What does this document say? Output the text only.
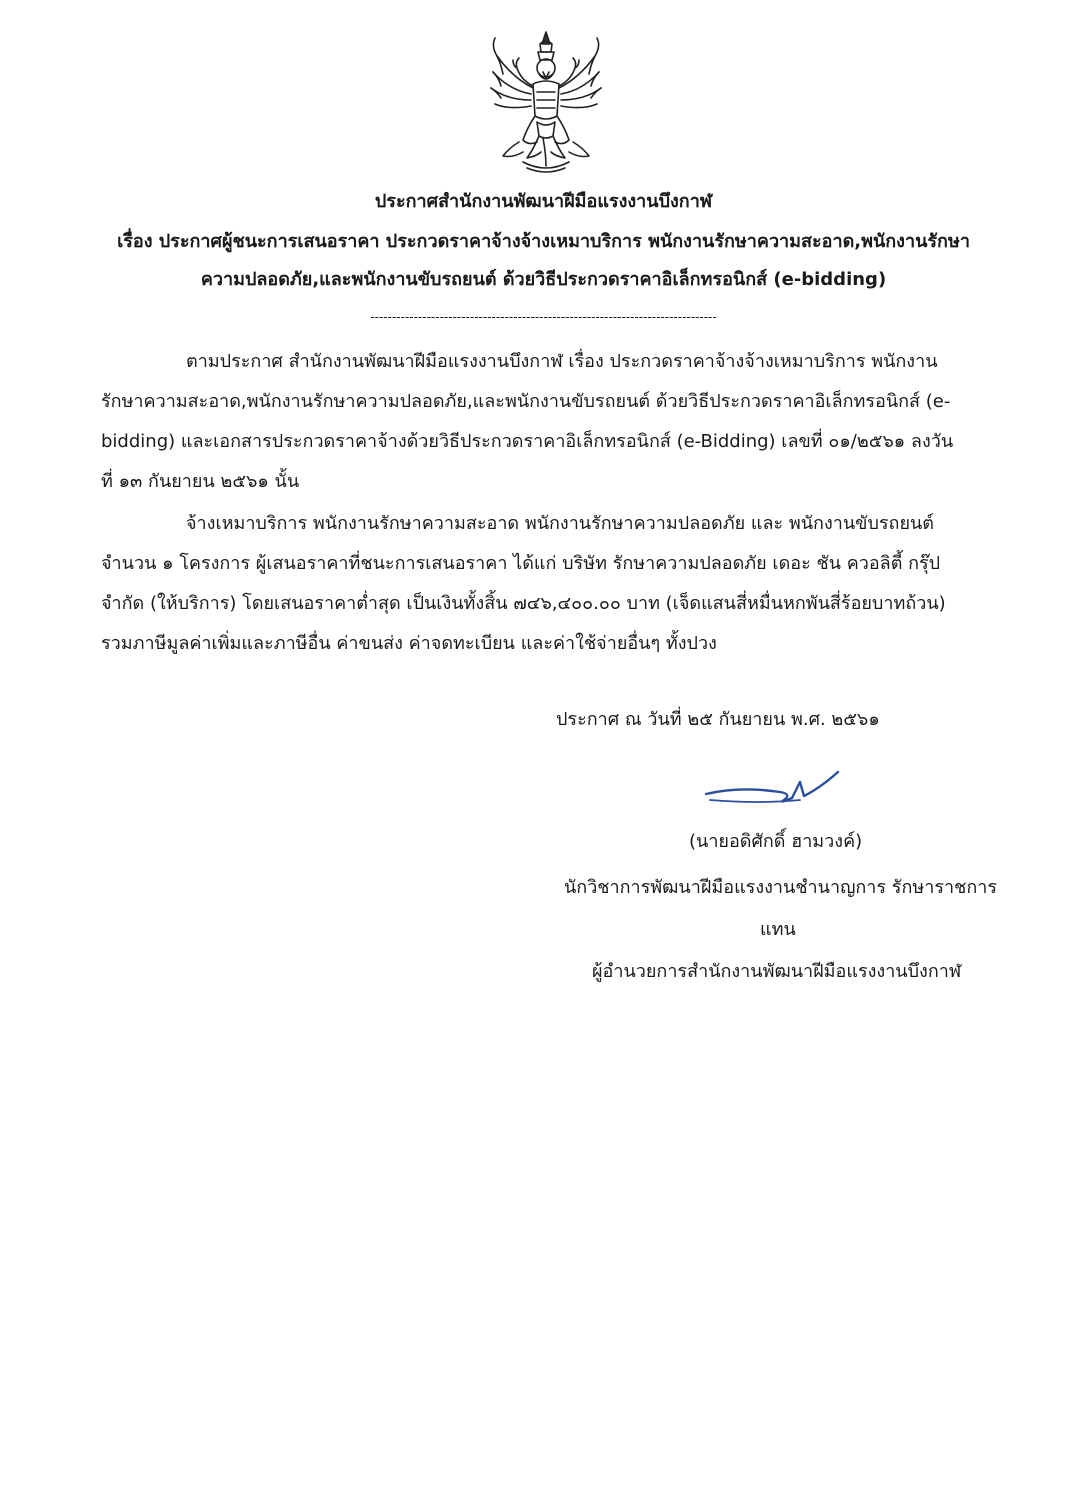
ประกาศสำนักงานพัฒนาฝีมือแรงงานบึงกาฬ
เรื่อง ประกาศผู้ชนะการเสนอราคา ประกวดราคาจ้างจ้างเหมาบริการ พนักงานรักษาความสะอาด,พนักงานรักษา
ความปลอดภัย,และพนักงานขับรถยนต์ ด้วยวิธีประกวดราคาอิเล็กทรอนิกส์ (e-bidding)
--------------------------------------------------------------------------------
ตามประกาศ สำนักงานพัฒนาฝีมือแรงงานบึงกาฬ เรื่อง ประกวดราคาจ้างจ้างเหมาบริการ พนักงาน
รักษาความสะอาด,พนักงานรักษาความปลอดภัย,และพนักงานขับรถยนต์ ด้วยวิธีประกวดราคาอิเล็กทรอนิกส์ (e-
bidding) และเอกสารประกวดราคาจ้างด้วยวิธีประกวดราคาอิเล็กทรอนิกส์ (e-Bidding) เลขที่ ๐๑/๒๕๖๑ ลงวัน
ที่ ๑๓ กันยายน ๒๕๖๑ นั้น
จ้างเหมาบริการ พนักงานรักษาความสะอาด พนักงานรักษาความปลอดภัย และ พนักงานขับรถยนต์
จำนวน ๑ โครงการ ผู้เสนอราคาที่ชนะการเสนอราคา ได้แก่ บริษัท รักษาความปลอดภัย เดอะ ชัน ควอลิตี้ กรุ๊ป
จำกัด (ให้บริการ) โดยเสนอราคาต่ำสุด เป็นเงินทั้งสิ้น ๗๔๖,๔๐๐.๐๐ บาท (เจ็ดแสนสี่หมื่นหกพันสี่ร้อยบาทถ้วน)
รวมภาษีมูลค่าเพิ่มและภาษีอื่น ค่าขนส่ง ค่าจดทะเบียน และค่าใช้จ่ายอื่นๆ ทั้งปวง
ประกาศ ณ วันที่ ๒๕ กันยายน พ.ศ. ๒๕๖๑
(นายอดิศักดิ์ ฮามวงค์)
นักวิชาการพัฒนาฝีมือแรงงานชำนาญการ รักษาราชการ
แทน
ผู้อำนวยการสำนักงานพัฒนาฝีมือแรงงานบึงกาฬ
